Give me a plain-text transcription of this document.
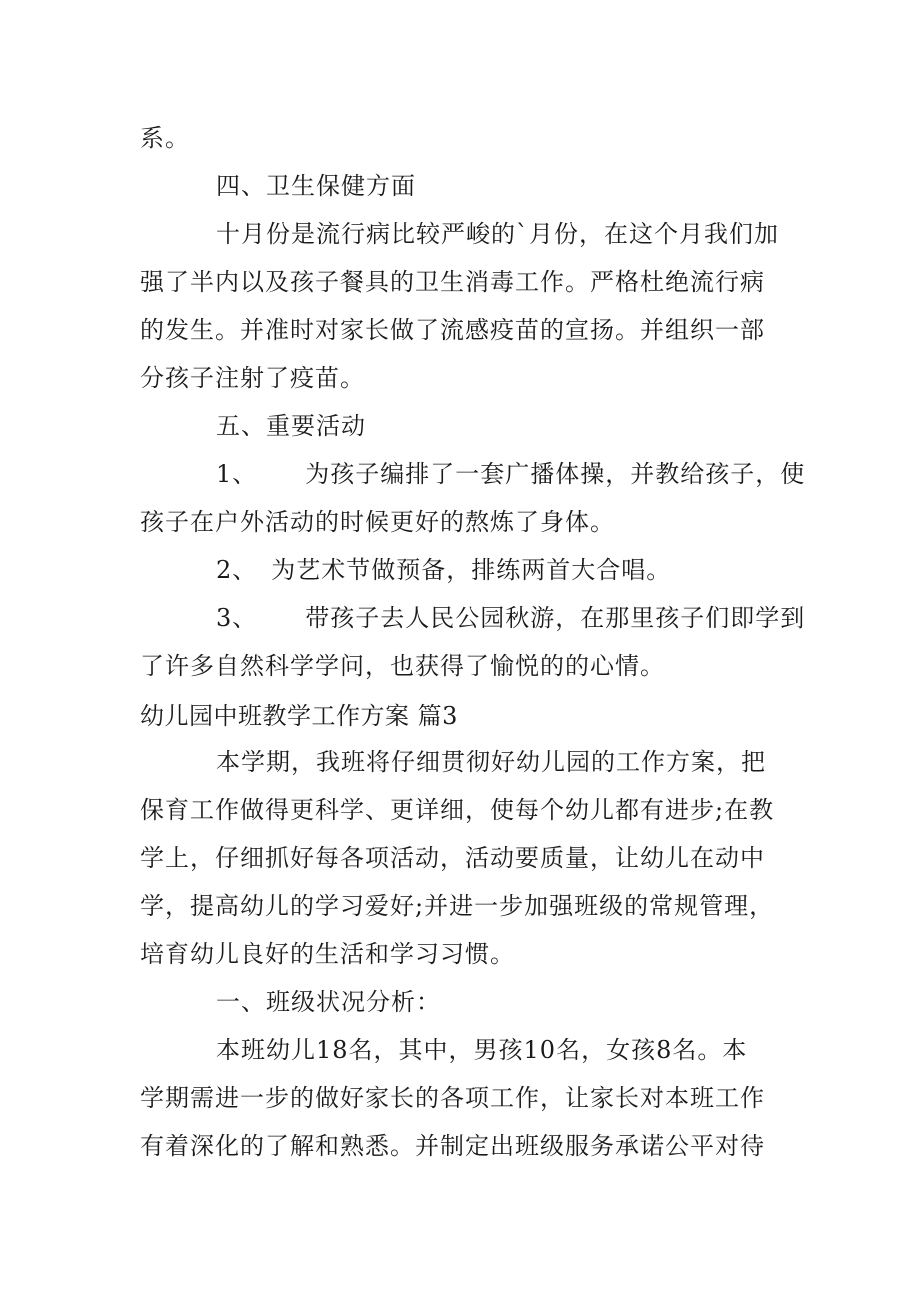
系。
四、卫生保健方面
十月份是流行病比较严峻的`月份，在这个月我们加
强了半内以及孩子餐具的卫生消毒工作。严格杜绝流行病
的发生。并准时对家长做了流感疫苗的宣扬。并组织一部
分孩子注射了疫苗。
五、重要活动
1、 为孩子编排了一套广播体操，并教给孩子，使
孩子在户外活动的时候更好的熬炼了身体。
2、 为艺术节做预备，排练两首大合唱。
3、 带孩子去人民公园秋游，在那里孩子们即学到
了许多自然科学学问，也获得了愉悦的的心情。
幼儿园中班教学工作方案 篇3
本学期，我班将仔细贯彻好幼儿园的工作方案，把
保育工作做得更科学、更详细，使每个幼儿都有进步;在教
学上，仔细抓好每各项活动，活动要质量，让幼儿在动中
学，提高幼儿的学习爱好;并进一步加强班级的常规管理，
培育幼儿良好的生活和学习习惯。
一、班级状况分析：
本班幼儿18名，其中，男孩10名，女孩8名。本
学期需进一步的做好家长的各项工作，让家长对本班工作
有着深化的了解和熟悉。并制定出班级服务承诺公平对待
